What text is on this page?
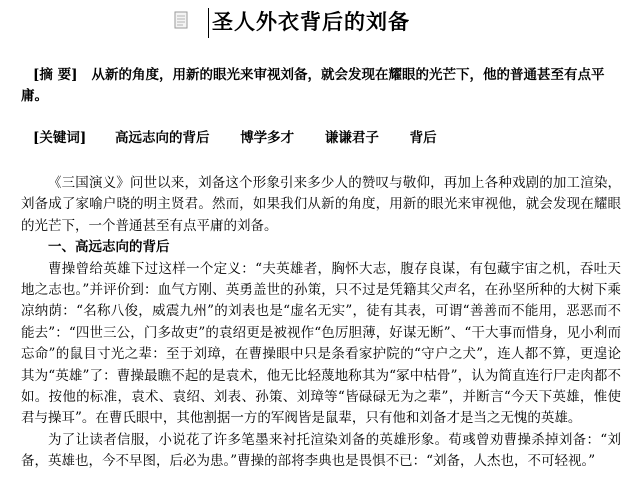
圣人外衣背后的刘备
[摘 要] 从新的角度，用新的眼光来审视刘备，就会发现在耀眼的光芒下，他的普通甚至有点平庸。
[关键词] 高远志向的背后 博学多才 谦谦君子 背后

《三国演义》问世以来，刘备这个形象引来多少人的赞叹与敬仰，再加上各种戏剧的加工渲染，刘备成了家喻户晓的明主贤君。然而，如果我们从新的角度，用新的眼光来审视他，就会发现在耀眼的光芒下，一个普通甚至有点平庸的刘备。

一、高远志向的背后

曹操曾给英雄下过这样一个定义：“夫英雄者，胸怀大志，腹存良谋，有包藏宇宙之机，吞吐天地之志也。”并评价到：血气方刚、英勇盖世的孙策，只不过是凭籍其父声名，在孙坚所种的大树下乘凉纳荫：“名称八俊，威震九州”的刘表也是“虚名无实”，徒有其表，可谓“善善而不能用，恶恶而不能去”：“四世三公，门多故吏”的袁绍更是被视作“色厉胆薄，好谋无断”、“干大事而惜身，见小利而忘命”的鼠目寸光之辈：至于刘璋，在曹操眼中只是条看家护院的“守户之犬”，连人都不算，更遑论其为“英雄”了：曹操最瞧不起的是袁术，他无比轻蔑地称其为“冢中枯骨”，认为简直连行尸走肉都不如。按他的标准，袁术、袁绍、刘表、孙策、刘璋等“皆碌碌无为之辈”，并断言“今天下英雄，惟使君与操耳”。在曹氏眼中，其他割据一方的军阀皆是鼠辈，只有他和刘备才是当之无愧的英雄。

为了让读者信服，小说花了许多笔墨来衬托渲染刘备的英雄形象。荀彧曾劝曹操杀掉刘备：“刘备，英雄也，今不早图，后必为患。”曹操的部将李典也是畏惧不已：“刘备，人杰也，不可轻视。”
